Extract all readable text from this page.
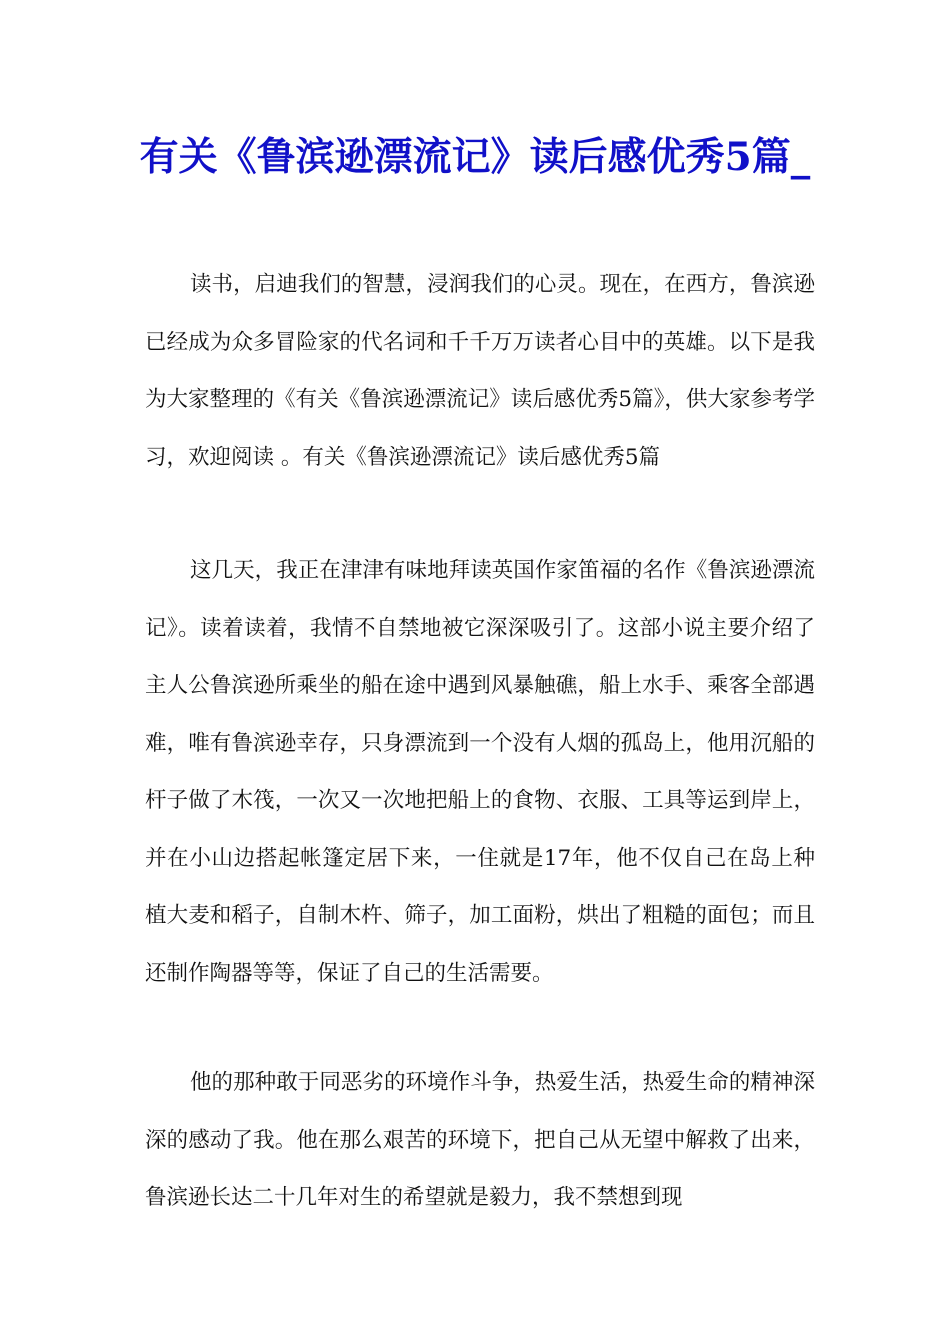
有关《鲁滨逊漂流记》读后感优秀5篇_

读书，启迪我们的智慧，浸润我们的心灵。现在，在西方，鲁滨逊已经成为众多冒险家的代名词和千千万万读者心目中的英雄。以下是我为大家整理的《有关《鲁滨逊漂流记》读后感优秀5篇》，供大家参考学习，欢迎阅读 。有关《鲁滨逊漂流记》读后感优秀5篇

这几天，我正在津津有味地拜读英国作家笛福的名作《鲁滨逊漂流记》。读着读着，我情不自禁地被它深深吸引了。这部小说主要介绍了主人公鲁滨逊所乘坐的船在途中遇到风暴触礁，船上水手、乘客全部遇难，唯有鲁滨逊幸存，只身漂流到一个没有人烟的孤岛上，他用沉船的杆子做了木筏，一次又一次地把船上的食物、衣服、工具等运到岸上，并在小山边搭起帐篷定居下来，一住就是17年，他不仅自己在岛上种植大麦和稻子，自制木杵、筛子，加工面粉，烘出了粗糙的面包；而且还制作陶器等等，保证了自己的生活需要。

他的那种敢于同恶劣的环境作斗争，热爱生活，热爱生命的精神深深的感动了我。他在那么艰苦的环境下，把自己从无望中解救了出来，鲁滨逊长达二十几年对生的希望就是毅力，我不禁想到现
